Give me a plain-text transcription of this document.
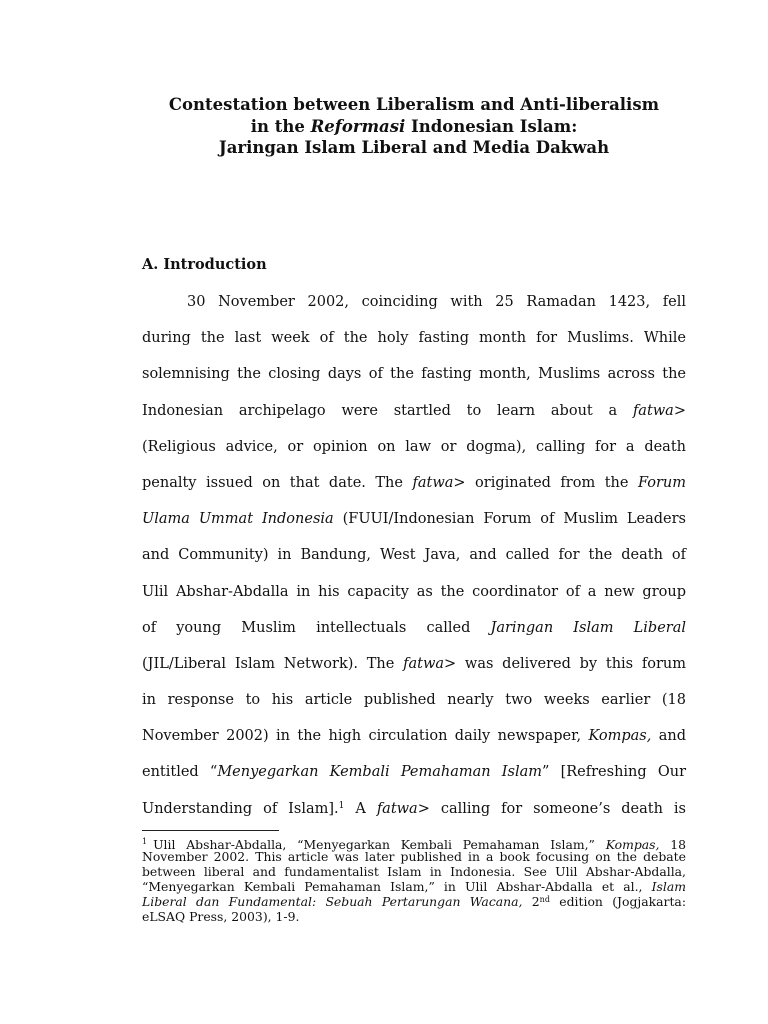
Contestation between Liberalism and Anti-liberalism
in the Reformasi Indonesian Islam:
Jaringan Islam Liberal and Media Dakwah
A. Introduction
30 November 2002, coinciding with 25 Ramadan 1423, fell
during the last week of the holy fasting month for Muslims. While
solemnising the closing days of the fasting month, Muslims across the
Indonesian archipelago were startled to learn about a fatwa>
(Religious advice, or opinion on law or dogma), calling for a death
penalty issued on that date. The fatwa> originated from the Forum
Ulama Ummat Indonesia (FUUI/Indonesian Forum of Muslim Leaders
and Community) in Bandung, West Java, and called for the death of
Ulil Abshar-Abdalla in his capacity as the coordinator of a new group
of young Muslim intellectuals called Jaringan Islam Liberal
(JIL/Liberal Islam Network). The fatwa> was delivered by this forum
in response to his article published nearly two weeks earlier (18
November 2002) in the high circulation daily newspaper, Kompas, and
entitled “Menyegarkan Kembali Pemahaman Islam” [Refreshing Our
Understanding of Islam].$^1$ A fatwa> calling for someone’s death is
$^1$ Ulil Abshar-Abdalla, “Menyegarkan Kembali Pemahaman Islam,” Kompas, 18
November 2002. This article was later published in a book focusing on the debate
between liberal and fundamentalist Islam in Indonesia. See Ulil Abshar-Abdalla,
“Menyegarkan Kembali Pemahaman Islam,” in Ulil Abshar-Abdalla et al., Islam
Liberal dan Fundamental: Sebuah Pertarungan Wacana, 2nd edition (Jogjakarta:
eLSAQ Press, 2003), 1-9.
